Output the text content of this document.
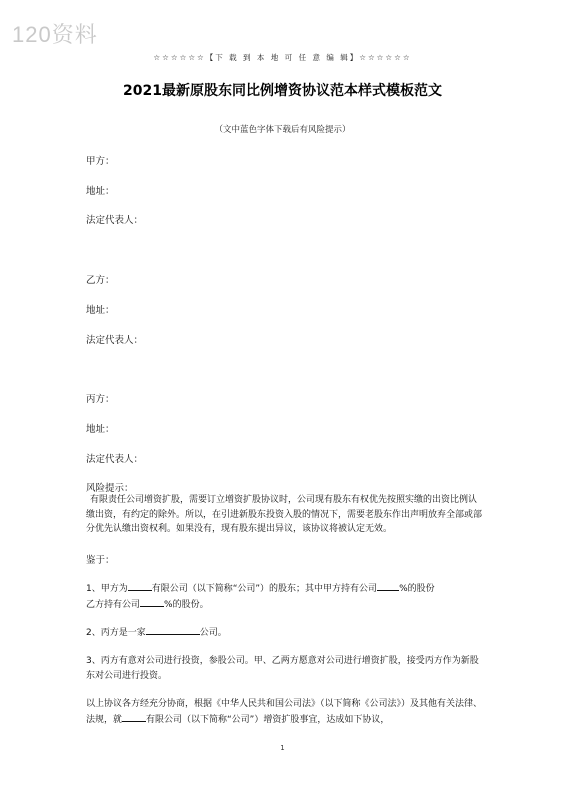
120资料
☆☆☆☆☆☆【下 载 到 本 地 可 任 意 编 辑】☆☆☆☆☆☆
2021最新原股东同比例增资协议范本样式模板范文
（文中蓝色字体下载后有风险提示）
甲方：
地址：
法定代表人：
乙方：
地址：
法定代表人：
丙方：
地址：
法定代表人：
风险提示：

有限责任公司增资扩股，需要订立增资扩股协议时，公司现有股东有权优先按照实缴的出资比例认缴出资，有约定的除外。所以，在引进新股东投资入股的情况下，需要老股东作出声明放弃全部或部分优先认缴出资权利。如果没有，现有股东提出异议，该协议将被认定无效。

鉴于：

1、甲方为	有限公司（以下简称“公司”）的股东；其中甲方持有公司 %的股份
乙方持有公司	%的股份。

2、丙方是一家	公司。

3、丙方有意对公司进行投资，参股公司。甲、乙两方愿意对公司进行增资扩股，接受丙方作为新股东对公司进行投资。

以上协议各方经充分协商，根据《中华人民共和国公司法》（以下简称《公司法》）及其他有关法律、法规，就	有限公司（以下简称“公司”）增资扩股事宜，达成如下协议，

1
